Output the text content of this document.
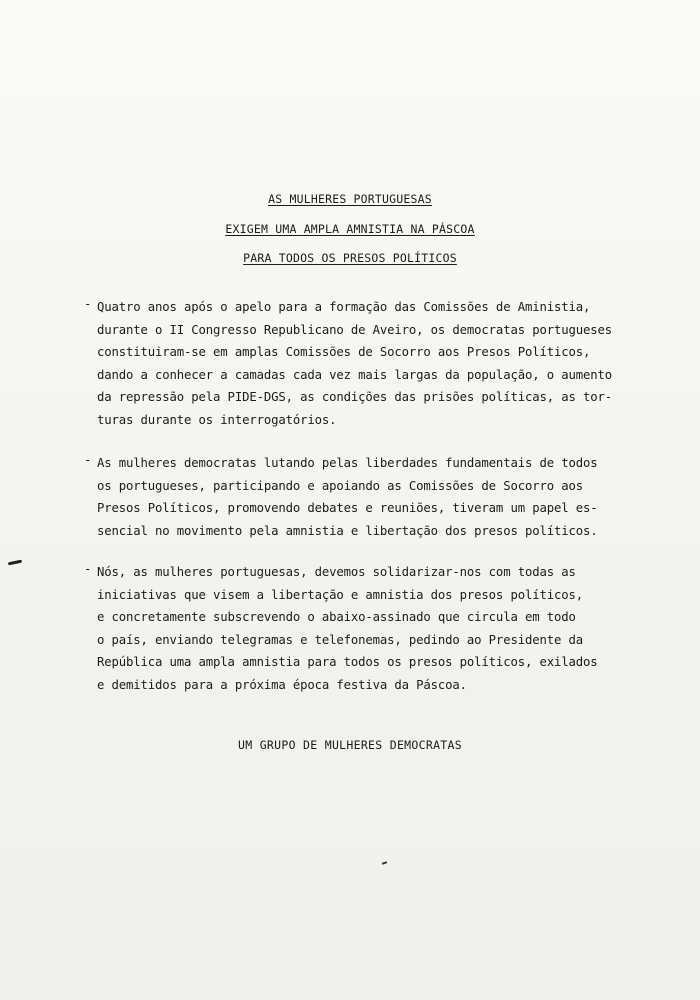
AS MULHERES PORTUGUESAS
EXIGEM UMA AMPLA AMNISTIA NA PÁSCOA
PARA TODOS OS PRESOS POLÍTICOS
- Quatro anos após o apelo para a formação das Comissões de Aministia,
durante o II Congresso Republicano de Aveiro, os democratas portugueses
constituiram-se em amplas Comissões de Socorro aos Presos Políticos,
dando a conhecer a camadas cada vez mais largas da população, o aumento
da repressão pela PIDE-DGS, as condições das prisões políticas, as tor-
turas durante os interrogatórios.
- As mulheres democratas lutando pelas liberdades fundamentais de todos
os portugueses, participando e apoiando as Comissões de Socorro aos
Presos Políticos, promovendo debates e reuniões, tiveram um papel es-
sencial no movimento pela amnistia e libertação dos presos políticos.
- Nós, as mulheres portuguesas, devemos solidarizar-nos com todas as
iniciativas que visem a libertação e amnistia dos presos políticos,
e concretamente subscrevendo o abaixo-assinado que circula em todo
o país, enviando telegramas e telefonemas, pedindo ao Presidente da
República uma ampla amnistia para todos os presos políticos, exilados
e demitidos para a próxima época festiva da Páscoa.
UM GRUPO DE MULHERES DEMOCRATAS
